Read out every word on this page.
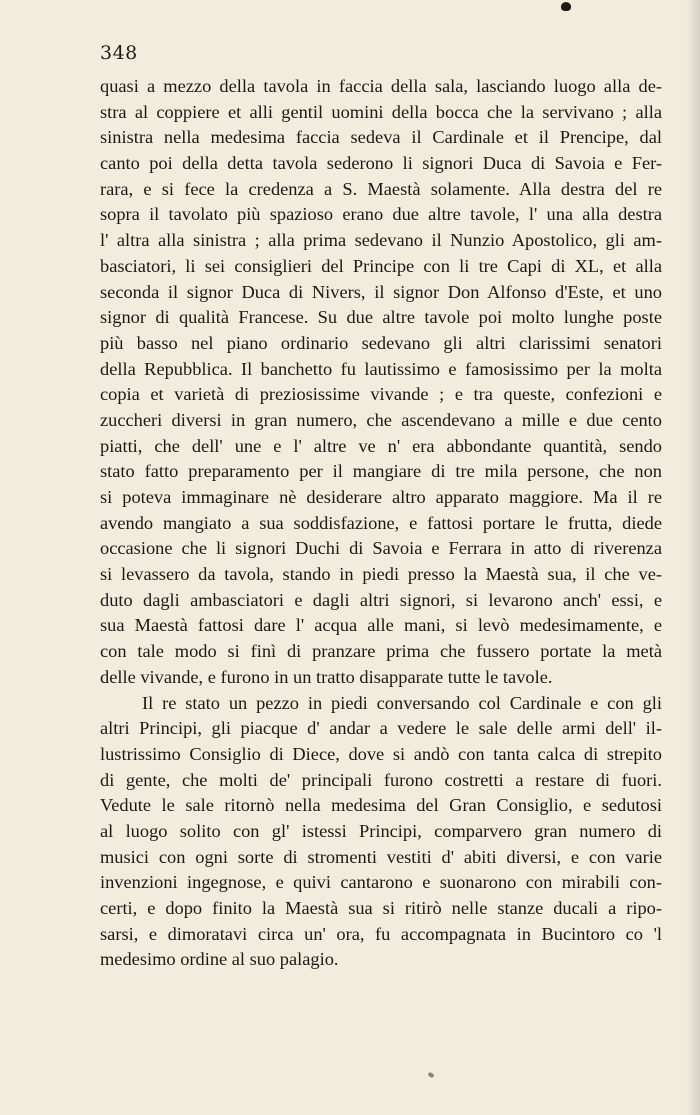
348
quasi a mezzo della tavola in faccia della sala, lasciando luogo alla de-
stra al coppiere et alli gentil uomini della bocca che la servivano ; alla
sinistra nella medesima faccia sedeva il Cardinale et il Prencipe, dal
canto poi della detta tavola sederono li signori Duca di Savoia e Fer-
rara, e si fece la credenza a S. Maestà solamente. Alla destra del re
sopra il tavolato più spazioso erano due altre tavole, l' una alla destra
l' altra alla sinistra ; alla prima sedevano il Nunzio Apostolico, gli am-
basciatori, li sei consiglieri del Principe con li tre Capi di XL, et alla
seconda il signor Duca di Nivers, il signor Don Alfonso d'Este, et uno
signor di qualità Francese. Su due altre tavole poi molto lunghe poste
più basso nel piano ordinario sedevano gli altri clarissimi senatori
della Repubblica. Il banchetto fu lautissimo e famosissimo per la molta
copia et varietà di preziosissime vivande ; e tra queste, confezioni e
zuccheri diversi in gran numero, che ascendevano a mille e due cento
piatti, che dell' une e l' altre ve n' era abbondante quantità, sendo
stato fatto preparamento per il mangiare di tre mila persone, che non
si poteva immaginare nè desiderare altro apparato maggiore. Ma il re
avendo mangiato a sua soddisfazione, e fattosi portare le frutta, diede
occasione che li signori Duchi di Savoia e Ferrara in atto di riverenza
si levassero da tavola, stando in piedi presso la Maestà sua, il che ve-
duto dagli ambasciatori e dagli altri signori, si levarono anch' essi, e
sua Maestà fattosi dare l' acqua alle mani, si levò medesimamente, e
con tale modo si finì di pranzare prima che fussero portate la metà
delle vivande, e furono in un tratto disapparate tutte le tavole.
Il re stato un pezzo in piedi conversando col Cardinale e con gli
altri Principi, gli piacque d' andar a vedere le sale delle armi dell' il-
lustrissimo Consiglio di Diece, dove si andò con tanta calca di strepito
di gente, che molti de' principali furono costretti a restare di fuori.
Vedute le sale ritornò nella medesima del Gran Consiglio, e sedutosi
al luogo solito con gl' istessi Principi, comparvero gran numero di
musici con ogni sorte di stromenti vestiti d' abiti diversi, e con varie
invenzioni ingegnose, e quivi cantarono e suonarono con mirabili con-
certi, e dopo finito la Maestà sua si ritirò nelle stanze ducali a ripo-
sarsi, e dimoratavi circa un' ora, fu accompagnata in Bucintoro co 'l
medesimo ordine al suo palagio.
